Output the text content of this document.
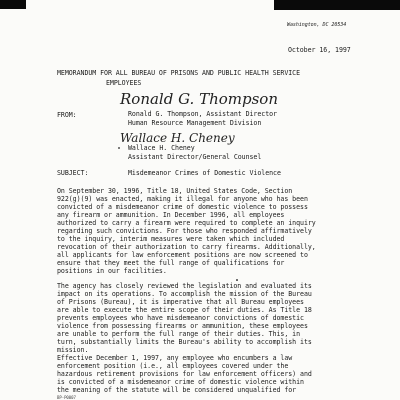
Washington, DC 20534
October 16, 1997
MEMORANDUM FOR ALL BUREAU OF PRISONS AND PUBLIC HEALTH SERVICE
EMPLOYEES
FROM:
Ronald G. Thompson
Ronald G. Thompson, Assistant Director
Human Resource Management Division
Wallace H. Cheney
Wallace H. Cheney
Assistant Director/General Counsel
SUBJECT:	Misdemeanor Crimes of Domestic Violence
On September 30, 1996, Title 18, United States Code, Section
922(g)(9) was enacted, making it illegal for anyone who has been
convicted of a misdemeanor crime of domestic violence to possess
any firearm or ammunition. In December 1996, all employees
authorized to carry a firearm were required to complete an inquiry
regarding such convictions. For those who responded affirmatively
to the inquiry, interim measures were taken which included
revocation of their authorization to carry firearms. Additionally,
all applicants for law enforcement positions are now screened to
ensure that they meet the full range of qualifications for
positions in our facilities.
The agency has closely reviewed the legislation and evaluated its
impact on its operations. To accomplish the mission of the Bureau
of Prisons (Bureau), it is imperative that all Bureau employees
are able to execute the entire scope of their duties. As Title 18
prevents employees who have misdemeanor convictions of domestic
violence from possessing firearms or ammunition, these employees
are unable to perform the full range of their duties. This, in
turn, substantially limits the Bureau's ability to accomplish its
mission.
Effective December 1, 1997, any employee who encumbers a law
enforcement position (i.e., all employees covered under the
hazardous retirement provisions for law enforcement officers) and
is convicted of a misdemeanor crime of domestic violence within
the meaning of the statute will be considered unqualified for
BP-P0007
